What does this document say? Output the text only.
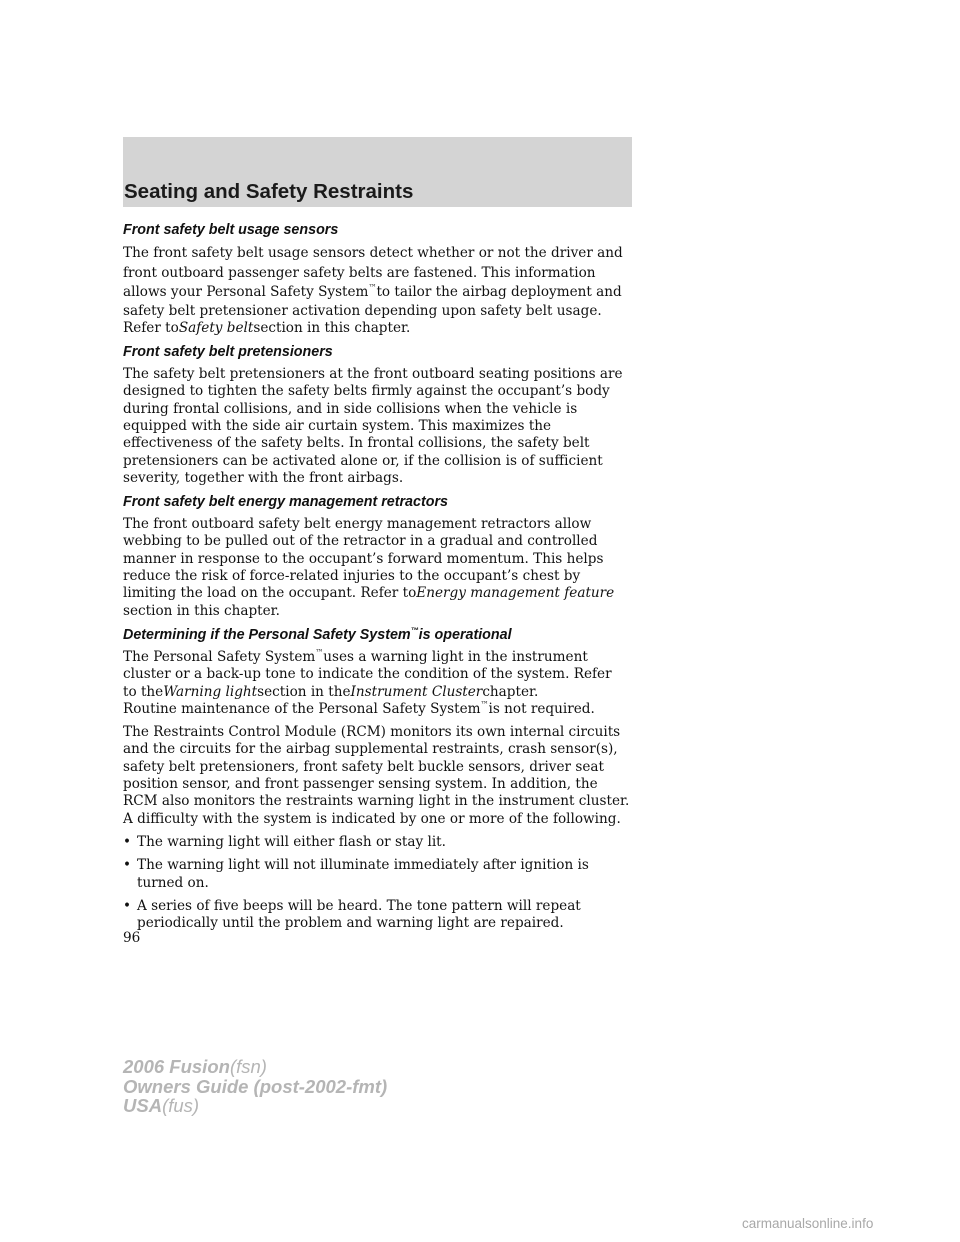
Seating and Safety Restraints
Front safety belt usage sensors
The front safety belt usage sensors detect whether or not the driver and
front outboard passenger safety belts are fastened. This information
allows your Personal Safety System™to tailor the airbag deployment and
safety belt pretensioner activation depending upon safety belt usage.
Refer toSafety beltsection in this chapter.
Front safety belt pretensioners
The safety belt pretensioners at the front outboard seating positions are
designed to tighten the safety belts firmly against the occupant’s body
during frontal collisions, and in side collisions when the vehicle is
equipped with the side air curtain system. This maximizes the
effectiveness of the safety belts. In frontal collisions, the safety belt
pretensioners can be activated alone or, if the collision is of sufficient
severity, together with the front airbags.
Front safety belt energy management retractors
The front outboard safety belt energy management retractors allow
webbing to be pulled out of the retractor in a gradual and controlled
manner in response to the occupant’s forward momentum. This helps
reduce the risk of force-related injuries to the occupant’s chest by
limiting the load on the occupant. Refer toEnergy management feature
section in this chapter.
Determining if the Personal Safety System™is operational
The Personal Safety System™uses a warning light in the instrument
cluster or a back-up tone to indicate the condition of the system. Refer
to theWarning lightsection in theInstrument Clusterchapter.
Routine maintenance of the Personal Safety System™is not required.
The Restraints Control Module (RCM) monitors its own internal circuits
and the circuits for the airbag supplemental restraints, crash sensor(s),
safety belt pretensioners, front safety belt buckle sensors, driver seat
position sensor, and front passenger sensing system. In addition, the
RCM also monitors the restraints warning light in the instrument cluster.
A difficulty with the system is indicated by one or more of the following.
• The warning light will either flash or stay lit.
• The warning light will not illuminate immediately after ignition is
turned on.
• A series of five beeps will be heard. The tone pattern will repeat
periodically until the problem and warning light are repaired.
96
2006 Fusion(fsn)
Owners Guide (post-2002-fmt)
USA(fus)
carmanualsonline.info
